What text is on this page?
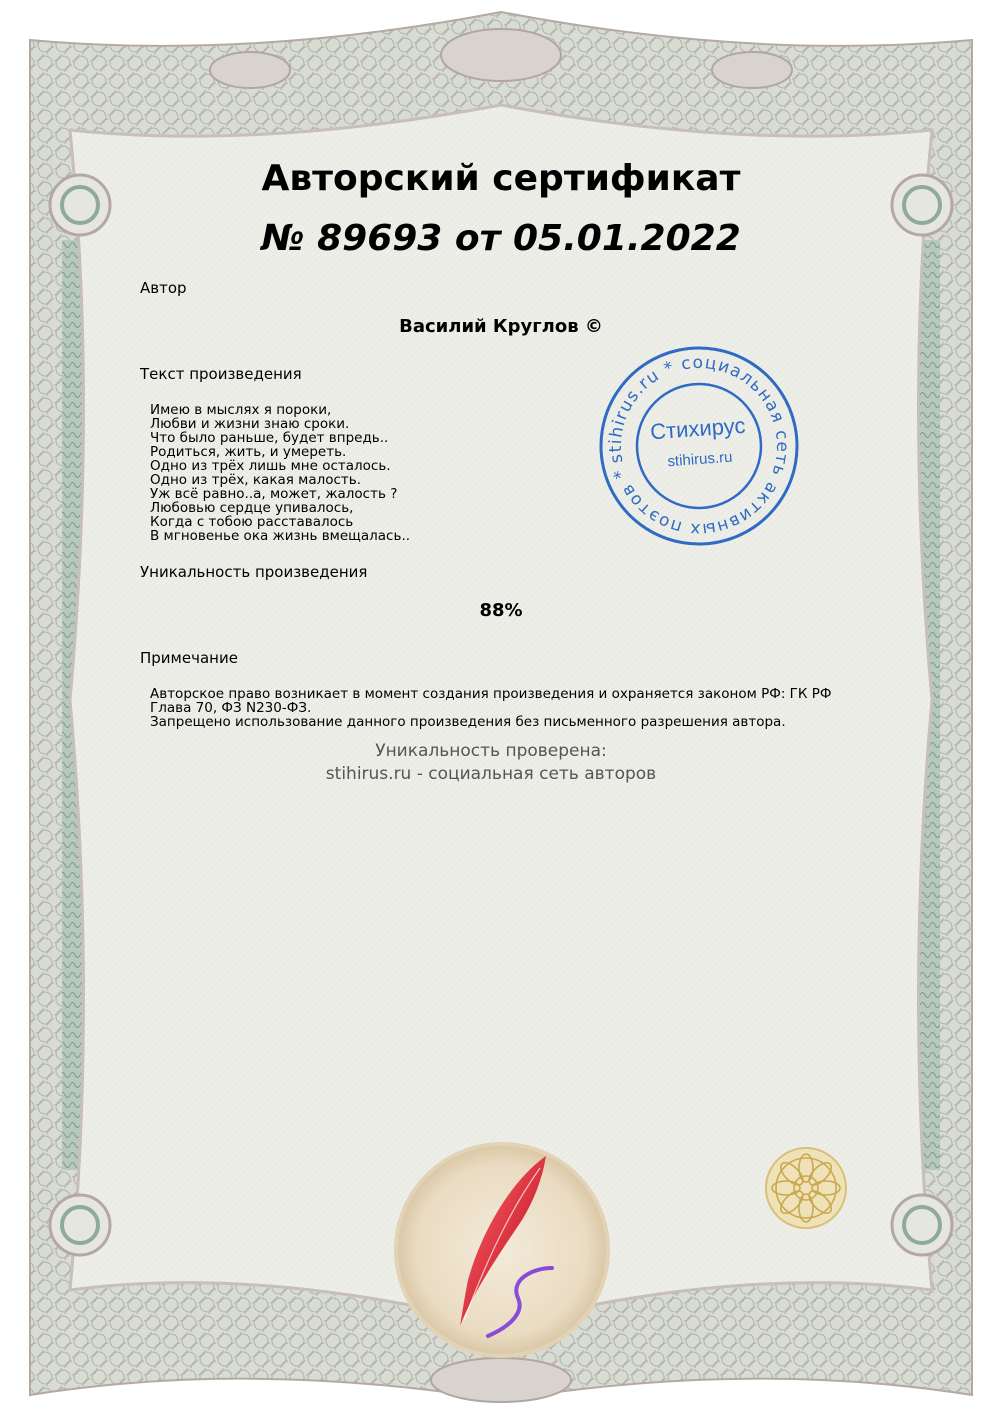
Авторский сертификат
№ 89693 от 05.01.2022
Автор
Василий Круглов ©
Текст произведения
Имею в мыслях я пороки,
Любви и жизни знаю сроки.
Что было раньше, будет впредь..
Родиться, жить, и умереть.
Одно из трёх лишь мне осталось.
Одно из трёх, какая малость.
Уж всё равно..а, может, жалость ?
Любовью сердце упивалось,
Когда с тобою расставалось
В мгновенье ока жизнь вмещалась..
Уникальность произведения
88%
Примечание
Авторское право возникает в момент создания произведения и охраняется законом РФ: ГК РФ Глава 70, ФЗ N230-ФЗ.
Запрещено использование данного произведения без письменного разрешения автора.
Уникальность проверена:
stihirus.ru - социальная сеть авторов
stihirus.ru * социальная сеть активных поэтов *
Стихирус
stihirus.ru
